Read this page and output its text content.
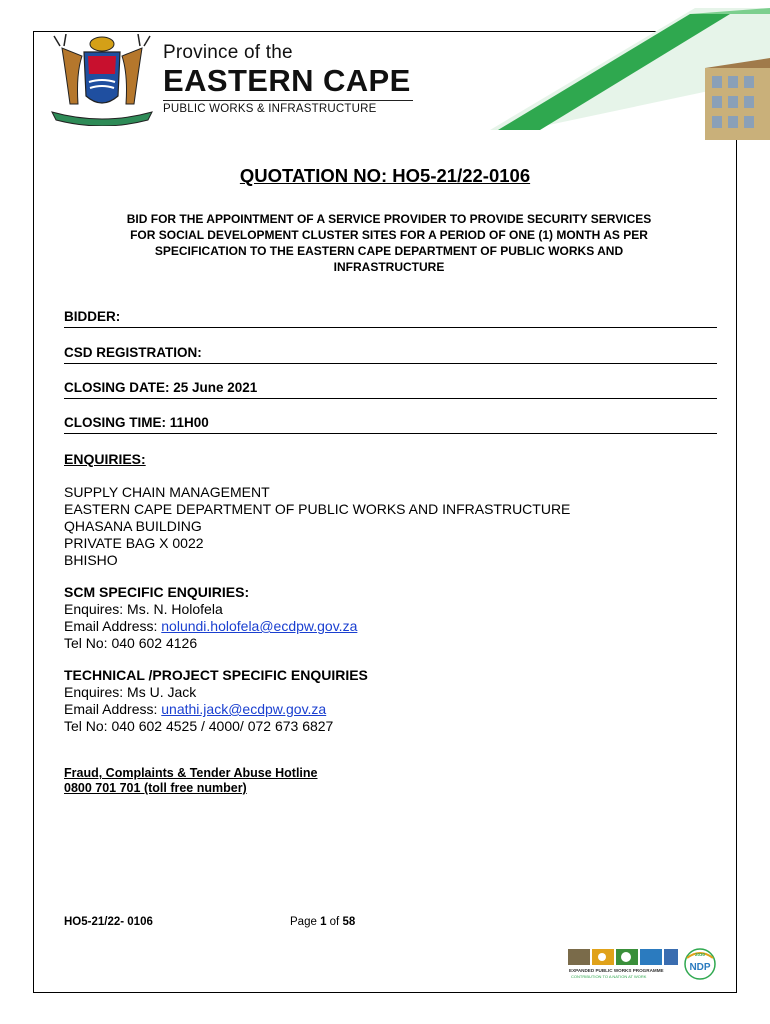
Province of the
EASTERN CAPE
PUBLIC WORKS & INFRASTRUCTURE
QUOTATION NO: HO5-21/22-0106
BID FOR THE APPOINTMENT OF A SERVICE PROVIDER TO PROVIDE SECURITY SERVICES
FOR SOCIAL DEVELOPMENT CLUSTER SITES FOR A PERIOD OF ONE (1) MONTH AS PER
SPECIFICATION TO THE EASTERN CAPE DEPARTMENT OF PUBLIC WORKS AND
INFRASTRUCTURE
BIDDER:
CSD REGISTRATION:
CLOSING DATE: 25 June 2021
CLOSING TIME: 11H00
ENQUIRIES:
SUPPLY CHAIN MANAGEMENT
EASTERN CAPE DEPARTMENT OF PUBLIC WORKS AND INFRASTRUCTURE
QHASANA BUILDING
PRIVATE BAG X 0022
BHISHO
SCM SPECIFIC ENQUIRIES:
Enquires: Ms. N. Holofela
Email Address: nolundi.holofela@ecdpw.gov.za
Tel No: 040 602 4126
TECHNICAL /PROJECT SPECIFIC ENQUIRIES
Enquires: Ms U. Jack
Email Address: unathi.jack@ecdpw.gov.za
Tel No: 040 602 4525 / 4000/ 072 673 6827
Fraud, Complaints & Tender Abuse Hotline
0800 701 701 (toll free number)
HO5-21/22- 0106	Page 1 of 58
EXPANDED PUBLIC WORKS PROGRAMME
CONTRIBUTION TO A NATION AT WORK
2030
NDP
